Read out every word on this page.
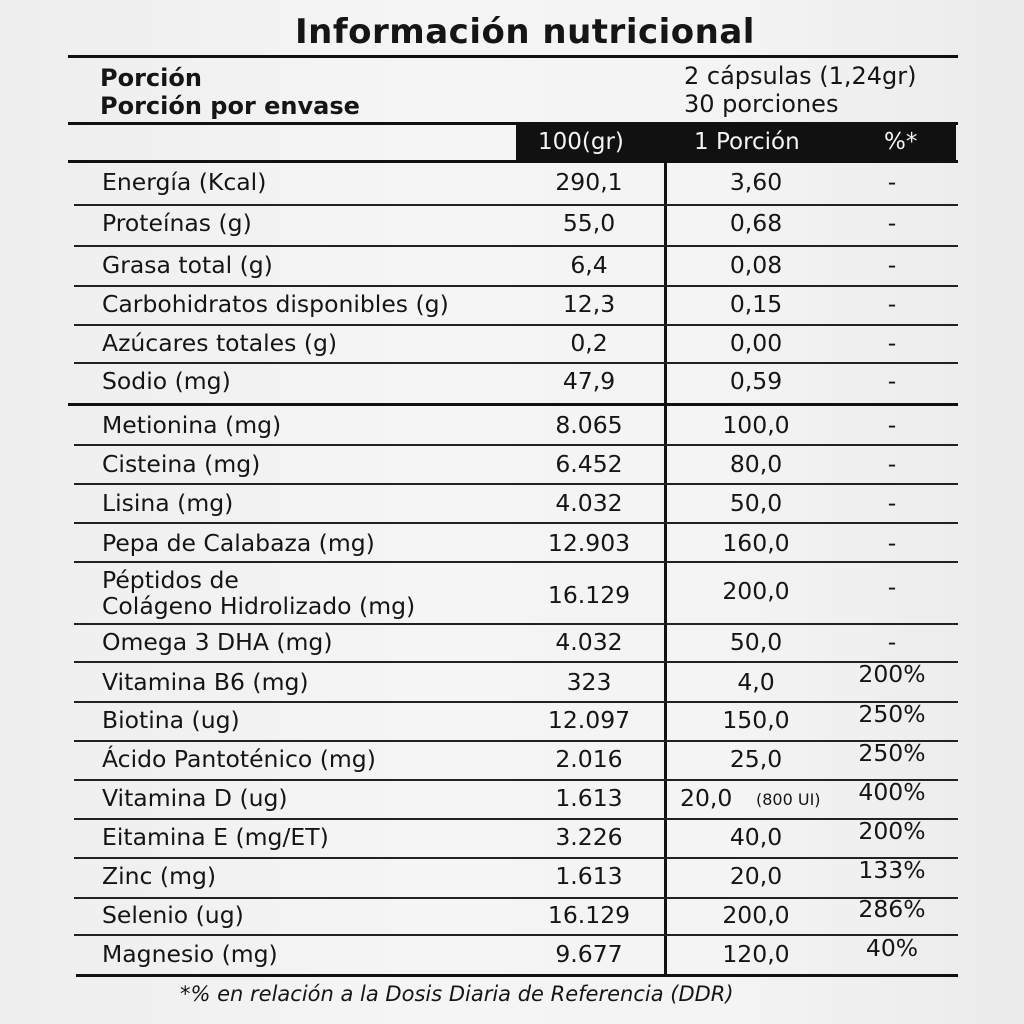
Información nutricional
Porción	2 cápsulas (1,24gr)
Porción por envase	30 porciones
100(gr)	1 Porción	%*
Energía (Kcal)	290,1	3,60	-
Proteínas (g)	55,0	0,68	-
Grasa total (g)	6,4	0,08	-
Carbohidratos disponibles (g)	12,3	0,15	-
Azúcares totales (g)	0,2	0,00	-
Sodio (mg)	47,9	0,59	-
Metionina (mg)	8.065	100,0	-
Cisteina (mg)	6.452	80,0	-
Lisina (mg)	4.032	50,0	-
Pepa de Calabaza (mg)	12.903	160,0	-
Péptidos de
Colágeno Hidrolizado (mg)	16.129	200,0	-
Omega 3 DHA (mg)	4.032	50,0	-
Vitamina B6 (mg)	323	4,0	200%
Biotina (ug)	12.097	150,0	250%
Ácido Pantoténico (mg)	2.016	25,0	250%
Vitamina D (ug)	1.613	20,0 (800 UI)	400%
Eitamina E (mg/ET)	3.226	40,0	200%
Zinc (mg)	1.613	20,0	133%
Selenio (ug)	16.129	200,0	286%
Magnesio (mg)	9.677	120,0	40%
*% en relación a la Dosis Diaria de Referencia (DDR)
